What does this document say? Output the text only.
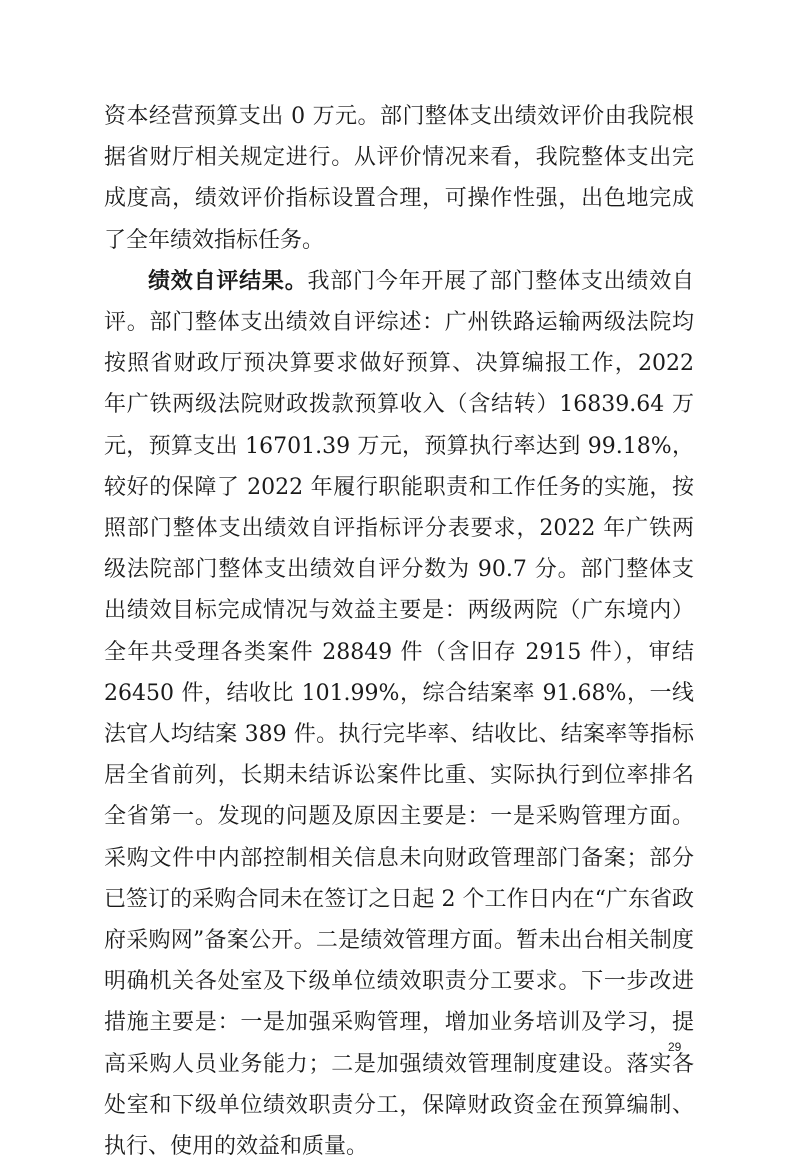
资本经营预算支出 0 万元。部门整体支出绩效评价由我院根据省财厅相关规定进行。从评价情况来看，我院整体支出完成度高，绩效评价指标设置合理，可操作性强，出色地完成了全年绩效指标任务。

绩效自评结果。我部门今年开展了部门整体支出绩效自评。部门整体支出绩效自评综述：广州铁路运输两级法院均按照省财政厅预决算要求做好预算、决算编报工作，2022 年广铁两级法院财政拨款预算收入（含结转）16839.64 万元，预算支出 16701.39 万元，预算执行率达到 99.18%，较好的保障了 2022 年履行职能职责和工作任务的实施，按照部门整体支出绩效自评指标评分表要求，2022 年广铁两级法院部门整体支出绩效自评分数为 90.7 分。部门整体支出绩效目标完成情况与效益主要是：两级两院（广东境内）全年共受理各类案件 28849 件（含旧存 2915 件），审结 26450 件，结收比 101.99%，综合结案率 91.68%，一线法官人均结案 389 件。执行完毕率、结收比、结案率等指标居全省前列，长期未结诉讼案件比重、实际执行到位率排名全省第一。发现的问题及原因主要是：一是采购管理方面。采购文件中内部控制相关信息未向财政管理部门备案；部分已签订的采购合同未在签订之日起 2 个工作日内在“广东省政府采购网”备案公开。二是绩效管理方面。暂未出台相关制度明确机关各处室及下级单位绩效职责分工要求。下一步改进措施主要是：一是加强采购管理，增加业务培训及学习，提高采购人员业务能力；二是加强绩效管理制度建设。落实各处室和下级单位绩效职责分工，保障财政资金在预算编制、执行、使用的效益和质量。

29
